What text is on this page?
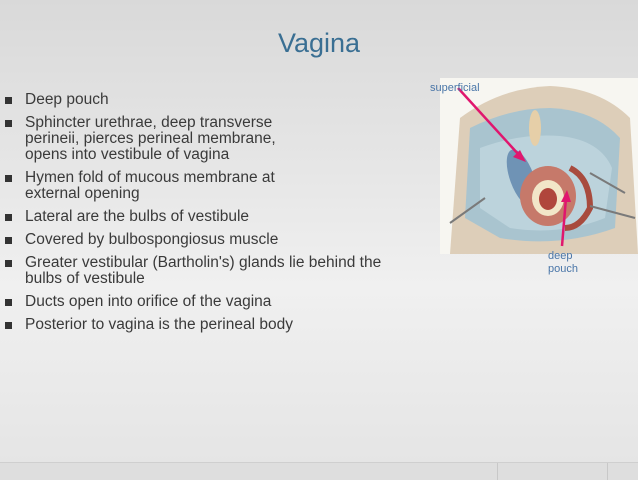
Vagina
Deep pouch
Sphincter urethrae, deep transverse
perineii, pierces perineal membrane,
opens into vestibule of vagina
Hymen fold of mucous membrane at
external opening
Lateral are the bulbs of vestibule
Covered by bulbospongiosus muscle
Greater vestibular (Bartholin's) glands lie behind the
bulbs of vestibule
Ducts open into orifice of the vagina
Posterior to vagina is the perineal body
superficial
deep pouch
